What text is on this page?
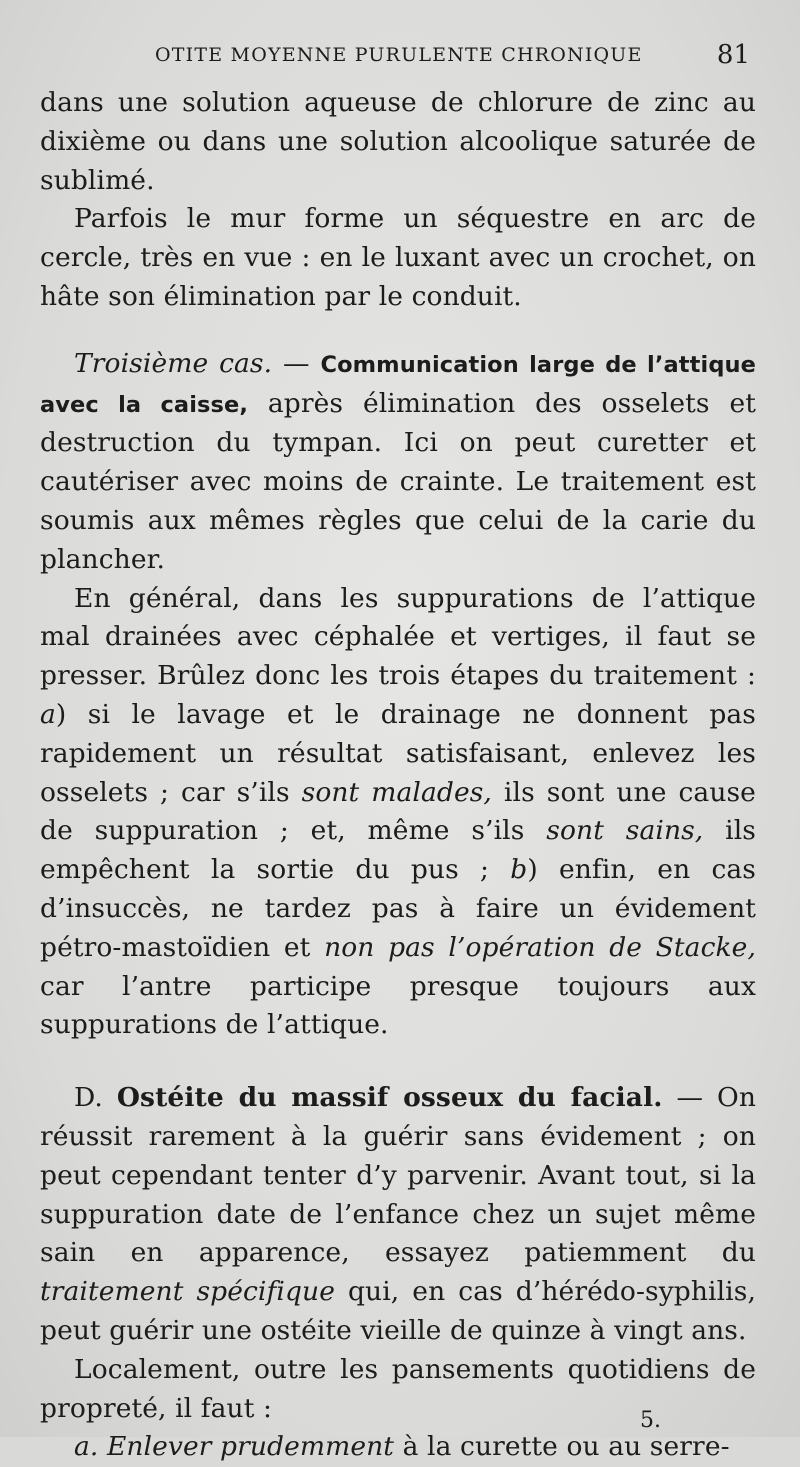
OTITE MOYENNE PURULENTE CHRONIQUE	81

dans une solution aqueuse de chlorure de zinc au dixième ou dans une solution alcoolique saturée de sublimé.

Parfois le mur forme un séquestre en arc de cercle, très en vue : en le luxant avec un crochet, on hâte son élimination par le conduit.

Troisième cas. — Communication large de l’attique avec la caisse, après élimination des osselets et destruction du tympan. Ici on peut curetter et cautériser avec moins de crainte. Le traitement est soumis aux mêmes règles que celui de la carie du plancher.

En général, dans les suppurations de l’attique mal drainées avec céphalée et vertiges, il faut se presser. Brûlez donc les trois étapes du traitement : a) si le lavage et le drainage ne donnent pas rapidement un résultat satisfaisant, enlevez les osselets ; car s’ils sont malades, ils sont une cause de suppuration ; et, même s’ils sont sains, ils empêchent la sortie du pus ; b) enfin, en cas d’insuccès, ne tardez pas à faire un évidement pétro-mastoïdien et non pas l’opération de Stacke, car l’antre participe presque toujours aux suppurations de l’attique.

D. Ostéite du massif osseux du facial. — On réussit rarement à la guérir sans évidement ; on peut cependant tenter d’y parvenir. Avant tout, si la suppuration date de l’enfance chez un sujet même sain en apparence, essayez patiemment du traitement spécifique qui, en cas d’hérédo-syphilis, peut guérir une ostéite vieille de quinze à vingt ans.

Localement, outre les pansements quotidiens de propreté, il faut :

a. Enlever prudemment à la curette ou au serre-

5.
